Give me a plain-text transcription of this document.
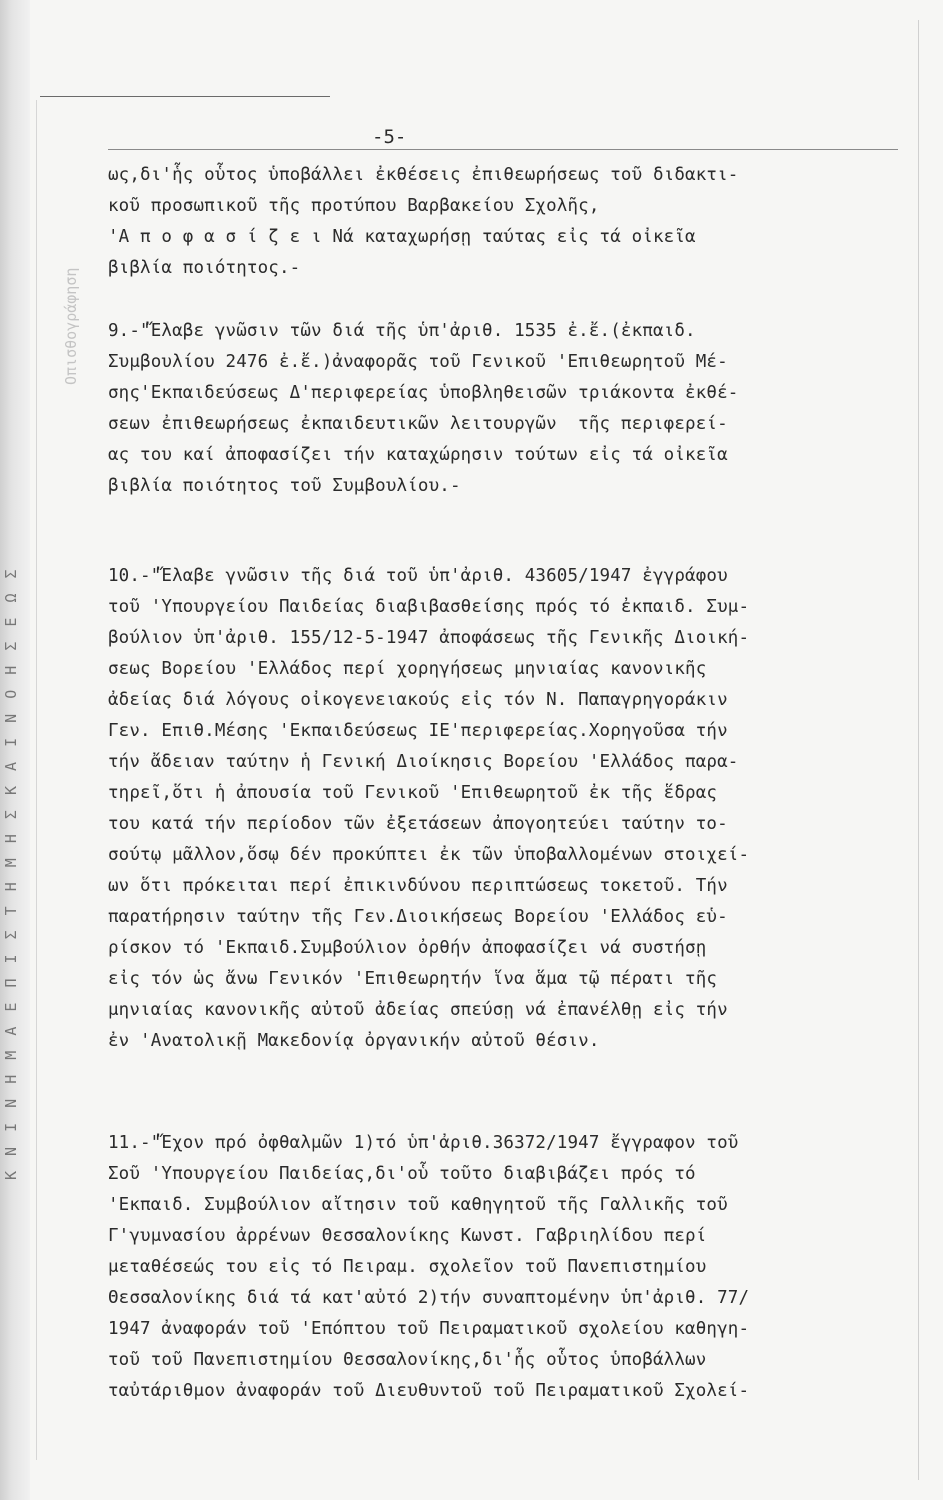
Κ Ν Ι Ν Η Μ Α Ε Π Ι Σ Τ Η Μ Η Σ Κ Α Ι Ν Ο Η Σ Ε Ω Σ
Οπισθογράφηση
-5-
ως,δι'ἧς οὗτος ὑποβάλλει ἐκθέσεις ἐπιθεωρήσεως τοῦ διδακτι-
κοῦ προσωπικοῦ τῆς προτύπου Βαρβακείου Σχολῆς,
'Α π ο φ α σ ί ζ ε ι Νά καταχωρήσῃ ταύτας εἰς τά οἰκεῖα
βιβλία ποιότητος.-
9.-"Ἔλαβε γνῶσιν τῶν διά τῆς ὑπ'ἀριθ. 1535 ἐ.ἔ.(ἐκπαιδ.
Συμβουλίου 2476 ἐ.ἔ.)ἀναφορᾶς τοῦ Γενικοῦ 'Επιθεωρητοῦ Μέ-
σης'Εκπαιδεύσεως Δ'περιφερείας ὑποβληθεισῶν τριάκοντα ἐκθέ-
σεων ἐπιθεωρήσεως ἐκπαιδευτικῶν λειτουργῶν  τῆς περιφερεί-
ας του καί ἀποφασίζει τήν καταχώρησιν τούτων εἰς τά οἰκεῖα
βιβλία ποιότητος τοῦ Συμβουλίου.-
10.-"Ἔλαβε γνῶσιν τῆς διά τοῦ ὑπ'ἀριθ. 43605/1947 ἐγγράφου
τοῦ 'Υπουργείου Παιδείας διαβιβασθείσης πρός τό ἐκπαιδ. Συμ-
βούλιον ὑπ'ἀριθ. 155/12-5-1947 ἀποφάσεως τῆς Γενικῆς Διοική-
σεως Βορείου 'Ελλάδος περί χορηγήσεως μηνιαίας κανονικῆς
ἀδείας διά λόγους οἰκογενειακούς εἰς τόν Ν. Παπαγρηγοράκιν
Γεν. Επιθ.Μέσης 'Εκπαιδεύσεως ΙΕ'περιφερείας.Χορηγοῦσα τήν
τήν ἄδειαν ταύτην ἡ Γενική Διοίκησις Βορείου 'Ελλάδος παρα-
τηρεῖ,ὅτι ἡ ἀπουσία τοῦ Γενικοῦ 'Επιθεωρητοῦ ἐκ τῆς ἕδρας
του κατά τήν περίοδον τῶν ἐξετάσεων ἀπογοητεύει ταύτην το-
σούτῳ μᾶλλον,ὅσῳ δέν προκύπτει ἐκ τῶν ὑποβαλλομένων στοιχεί-
ων ὅτι πρόκειται περί ἐπικινδύνου περιπτώσεως τοκετοῦ. Τήν
παρατήρησιν ταύτην τῆς Γεν.Διοικήσεως Βορείου 'Ελλάδος εὑ-
ρίσκον τό 'Εκπαιδ.Συμβούλιον ὀρθήν ἀποφασίζει νά συστήσῃ
εἰς τόν ὡς ἄνω Γενικόν 'Επιθεωρητήν ἵνα ἅμα τῷ πέρατι τῆς
μηνιαίας κανονικῆς αὐτοῦ ἀδείας σπεύσῃ νά ἐπανέλθῃ εἰς τήν
ἐν 'Ανατολικῇ Μακεδονίᾳ ὀργανικήν αὐτοῦ θέσιν.
11.-"Ἔχον πρό ὀφθαλμῶν 1)τό ὑπ'ἀριθ.36372/1947 ἔγγραφον τοῦ
Σοῦ 'Υπουργείου Παιδείας,δι'οὗ τοῦτο διαβιβάζει πρός τό
'Εκπαιδ. Συμβούλιον αἴτησιν τοῦ καθηγητοῦ τῆς Γαλλικῆς τοῦ
Γ'γυμνασίου ἀρρένων Θεσσαλονίκης Κωνστ. Γαβριηλίδου περί
μεταθέσεώς του εἰς τό Πειραμ. σχολεῖον τοῦ Πανεπιστημίου
Θεσσαλονίκης διά τά κατ'αὐτό 2)τήν συναπτομένην ὑπ'ἀριθ. 77/
1947 ἀναφοράν τοῦ 'Επόπτου τοῦ Πειραματικοῦ σχολείου καθηγη-
τοῦ τοῦ Πανεπιστημίου Θεσσαλονίκης,δι'ἧς οὗτος ὑποβάλλων
ταὐτάριθμον ἀναφοράν τοῦ Διευθυντοῦ τοῦ Πειραματικοῦ Σχολεί-
